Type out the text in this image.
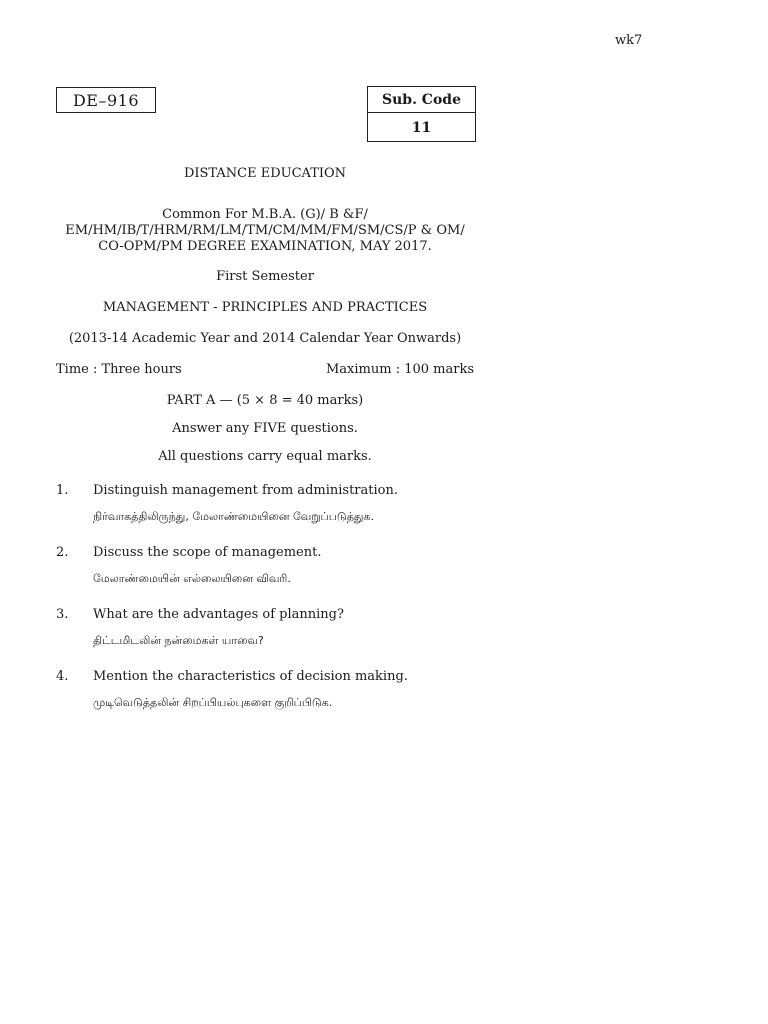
wk7
DE–916	Sub. Code
11
DISTANCE EDUCATION
Common For M.B.A. (G)/ B &F/
EM/HM/IB/T/HRM/RM/LM/TM/CM/MM/FM/SM/CS/P & OM/
CO-OPM/PM DEGREE EXAMINATION, MAY 2017.
First Semester
MANAGEMENT - PRINCIPLES AND PRACTICES
(2013-14 Academic Year and 2014 Calendar Year Onwards)
Time : Three hours	Maximum : 100 marks
PART A — (5 × 8 = 40 marks)
Answer any FIVE questions.
All questions carry equal marks.
1. Distinguish management from administration.
நிர்வாகத்திலிருந்து, மேலாண்மையினை வேறுப்படுத்துக.
2. Discuss the scope of management.
மேலாண்மையின் எல்லையினை விவரி.
3. What are the advantages of planning?
திட்டமிடலின் நன்மைகள் யாவை?
4. Mention the characteristics of decision making.
முடிவெடுத்தலின் சிறப்பியல்புகளை குறிப்பிடுக.
